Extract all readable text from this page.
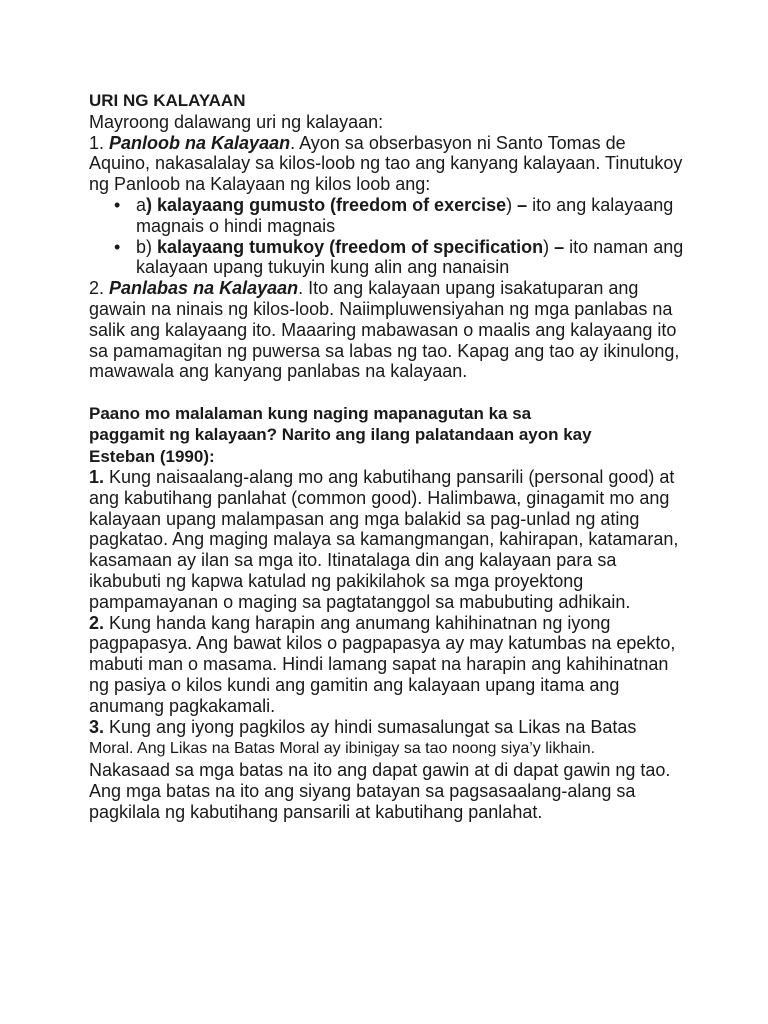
URI NG KALAYAAN

Mayroong dalawang uri ng kalayaan:

1. Panloob na Kalayaan. Ayon sa obserbasyon ni Santo Tomas de Aquino, nakasalalay sa kilos-loob ng tao ang kanyang kalayaan. Tinutukoy ng Panloob na Kalayaan ng kilos loob ang:

• a) kalayaang gumusto (freedom of exercise) – ito ang kalayaang magnais o hindi magnais
• b) kalayaang tumukoy (freedom of specification) – ito naman ang kalayaan upang tukuyin kung alin ang nanaisin

2. Panlabas na Kalayaan. Ito ang kalayaan upang isakatuparan ang gawain na ninais ng kilos-loob. Naiimpluwensiyahan ng mga panlabas na salik ang kalayaang ito. Maaaring mabawasan o maalis ang kalayaang ito sa pamamagitan ng puwersa sa labas ng tao. Kapag ang tao ay ikinulong, mawawala ang kanyang panlabas na kalayaan.

Paano mo malalaman kung naging mapanagutan ka sa
paggamit ng kalayaan? Narito ang ilang palatandaan ayon kay
Esteban (1990):

1. Kung naisaalang-alang mo ang kabutihang pansarili (personal good) at ang kabutihang panlahat (common good). Halimbawa, ginagamit mo ang kalayaan upang malampasan ang mga balakid sa pag-unlad ng ating pagkatao. Ang maging malaya sa kamangmangan, kahirapan, katamaran, kasamaan ay ilan sa mga ito. Itinatalaga din ang kalayaan para sa ikabubuti ng kapwa katulad ng pakikilahok sa mga proyektong pampamayanan o maging sa pagtatanggol sa mabubuting adhikain.

2. Kung handa kang harapin ang anumang kahihinatnan ng iyong pagpapasya. Ang bawat kilos o pagpapasya ay may katumbas na epekto, mabuti man o masama. Hindi lamang sapat na harapin ang kahihinatnan ng pasiya o kilos kundi ang gamitin ang kalayaan upang itama ang anumang pagkakamali.

3. Kung ang iyong pagkilos ay hindi sumasalungat sa Likas na Batas
Moral. Ang Likas na Batas Moral ay ibinigay sa tao noong siya’y likhain.
Nakasaad sa mga batas na ito ang dapat gawin at di dapat gawin ng tao. Ang mga batas na ito ang siyang batayan sa pagsasaalang-alang sa pagkilala ng kabutihang pansarili at kabutihang panlahat.
